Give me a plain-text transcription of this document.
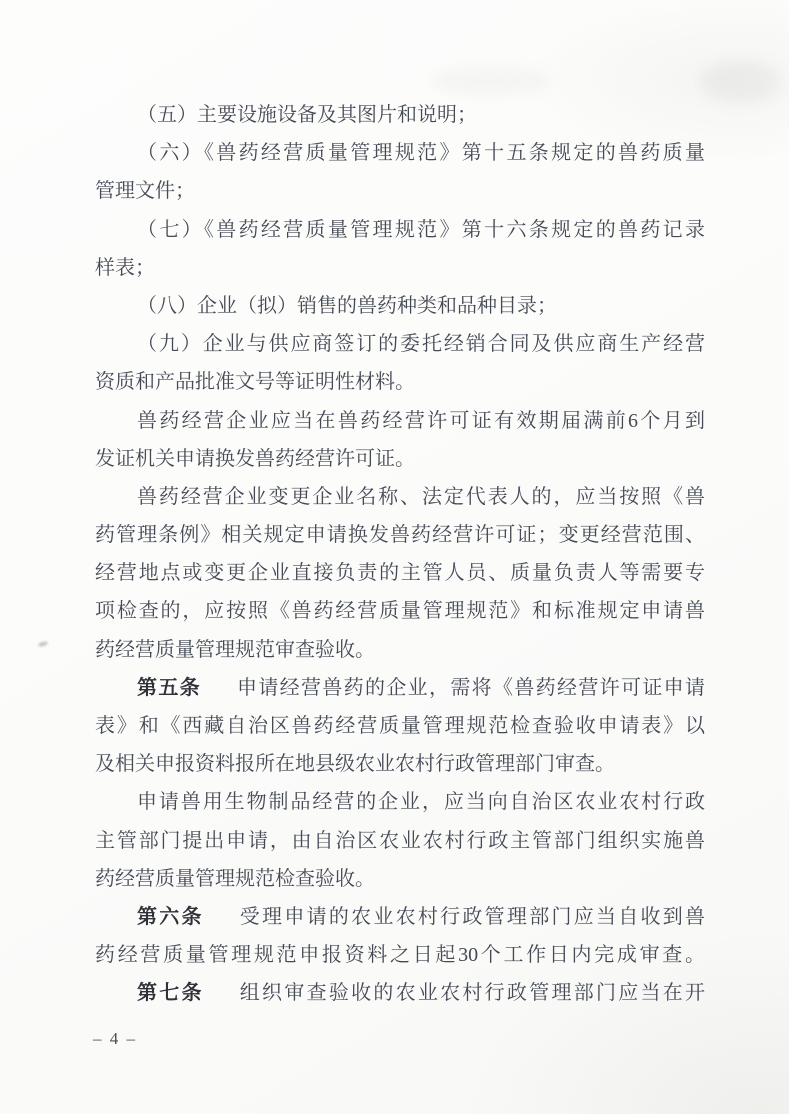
（五）主要设施设备及其图片和说明；
（六）《兽药经营质量管理规范》第十五条规定的兽药质量
管理文件；
（七）《兽药经营质量管理规范》第十六条规定的兽药记录
样表；
（八）企业（拟）销售的兽药种类和品种目录；
（九）企业与供应商签订的委托经销合同及供应商生产经营
资质和产品批准文号等证明性材料。
兽药经营企业应当在兽药经营许可证有效期届满前6个月到
发证机关申请换发兽药经营许可证。
兽药经营企业变更企业名称、法定代表人的，应当按照《兽
药管理条例》相关规定申请换发兽药经营许可证；变更经营范围、
经营地点或变更企业直接负责的主管人员、质量负责人等需要专
项检查的，应按照《兽药经营质量管理规范》和标准规定申请兽
药经营质量管理规范审查验收。
第五条 申请经营兽药的企业，需将《兽药经营许可证申请
表》和《西藏自治区兽药经营质量管理规范检查验收申请表》以
及相关申报资料报所在地县级农业农村行政管理部门审查。
申请兽用生物制品经营的企业，应当向自治区农业农村行政
主管部门提出申请，由自治区农业农村行政主管部门组织实施兽
药经营质量管理规范检查验收。
第六条 受理申请的农业农村行政管理部门应当自收到兽
药经营质量管理规范申报资料之日起30个工作日内完成审查。
第七条 组织审查验收的农业农村行政管理部门应当在开
– 4 –
